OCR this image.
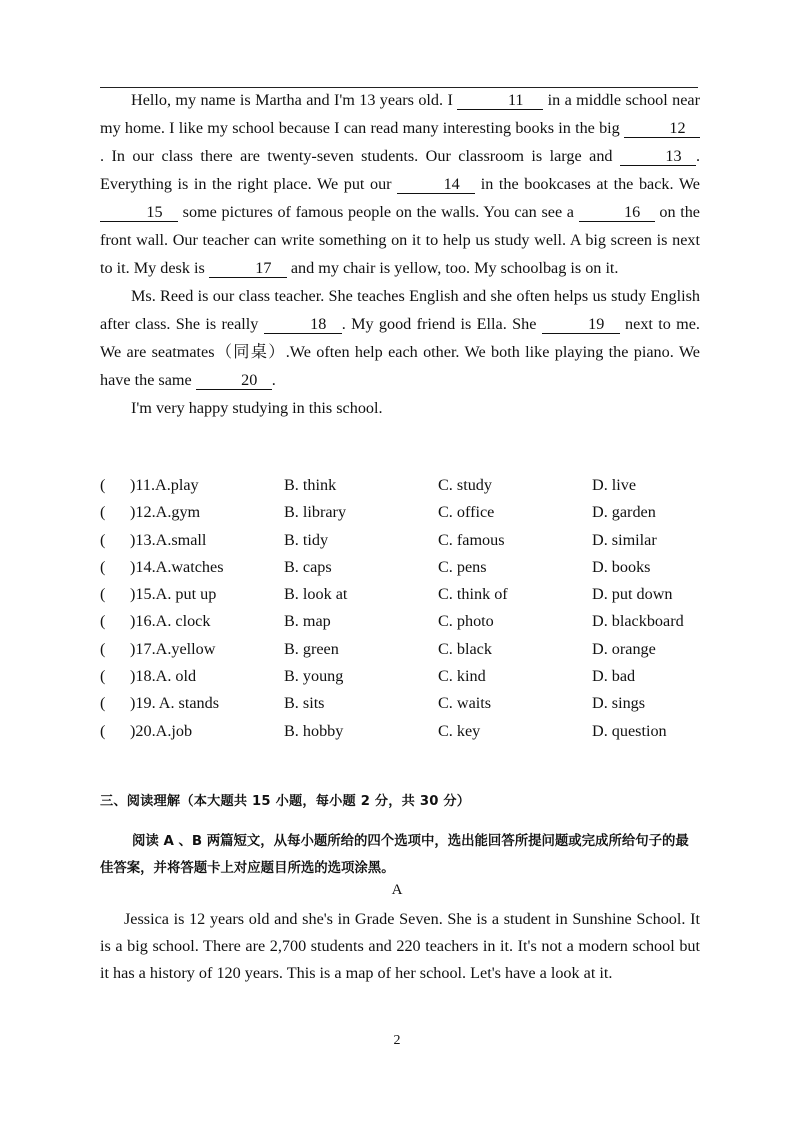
Hello, my name is Martha and I'm 13 years old. I	11 in a middle school near my home. I like my school because I can read many interesting books in the big	12. In our class there are twenty-seven students. Our classroom is large and	13 . Everything is in the right place. We put our	14 in the bookcases at the back. We 15 some pictures of famous people on the walls. You can see a	16 on the front wall. Our teacher can write something on it to help us study well. A big screen is next to it. My desk is	17 and my chair is yellow, too. My schoolbag is on it.

Ms. Reed is our class teacher. She teaches English and she often helps us study English after class. She is really	18 . My good friend is Ella. She	19 next to me. We are seatmates（同桌）.We often help each other. We both like playing the piano. We have the same	20 .

I'm very happy studying in this school.

( )11.A.play	B. think	C. study	D. live
( )12.A.gym	B. library	C. office	D. garden
( )13.A.small	B. tidy	C. famous	D. similar
( )14.A.watches	B. caps	C. pens	D. books
( )15.A. put up	B. look at	C. think of	D. put down
( )16.A. clock	B. map	C. photo	D. blackboard
( )17.A.yellow	B. green	C. black	D. orange
( )18.A. old	B. young	C. kind	D. bad
( )19. A. stands	B. sits	C. waits	D. sings
( )20.A.job	B. hobby	C. key	D. question
三、阅读理解（本大题共 15 小题，每小题 2 分，共 30 分）
阅读 A 、B 两篇短文，从每小题所给的四个选项中，选出能回答所提问题或完成所给句子的最佳答案，并将答题卡上对应题目所选的选项涂黑。
A

Jessica is 12 years old and she's in Grade Seven. She is a student in Sunshine School. It is a big school. There are 2,700 students and 220 teachers in it. It's not a modern school but it has a history of 120 years. This is a map of her school. Let's have a look at it.

2
